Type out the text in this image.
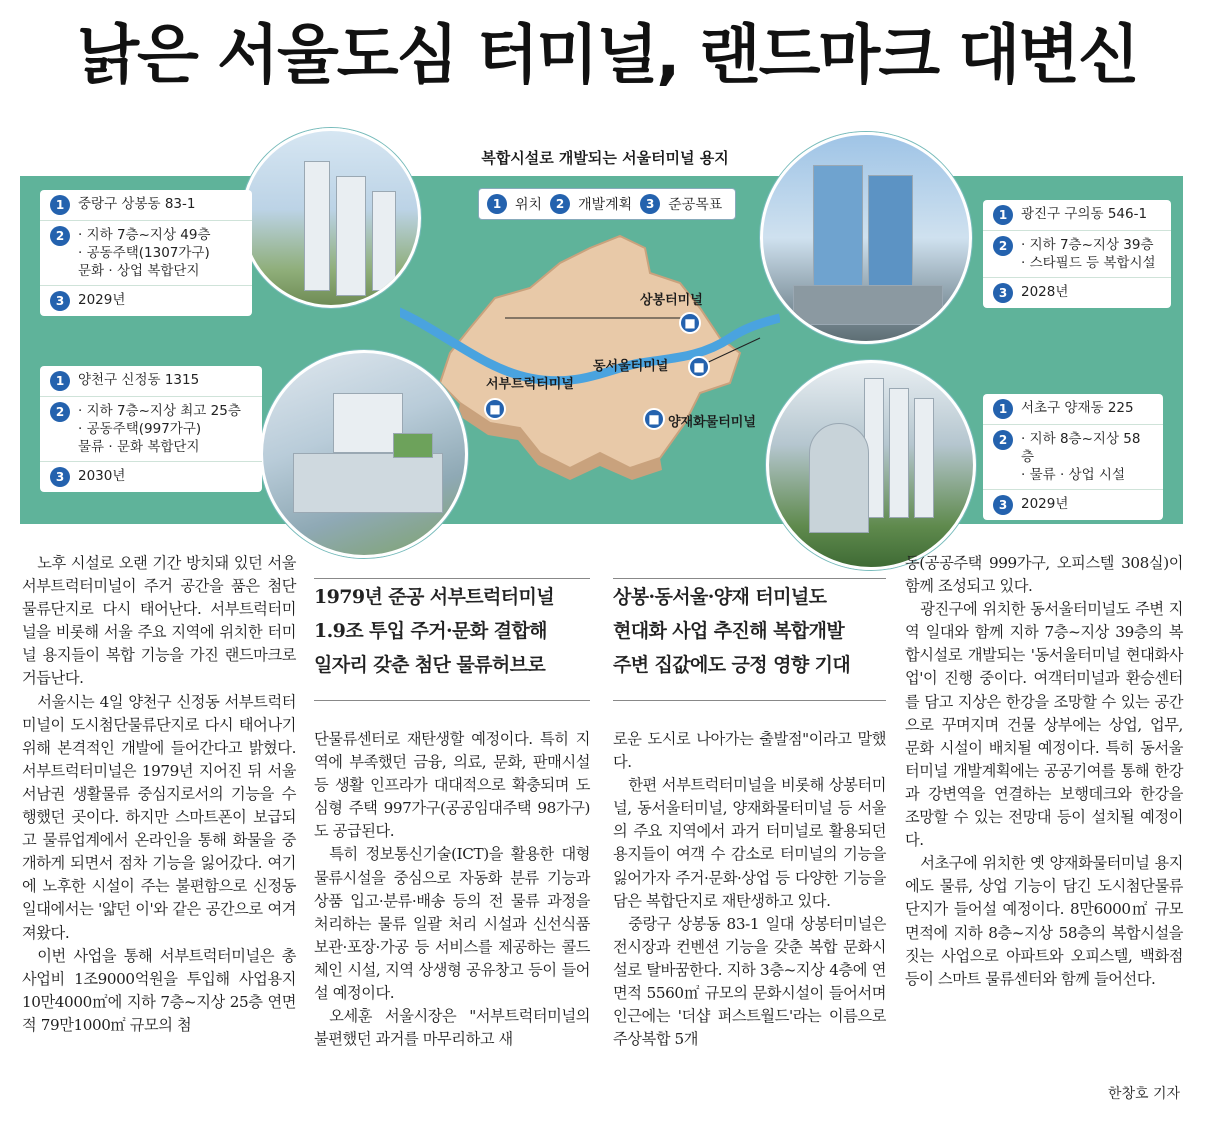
낡은 서울도심 터미널, 랜드마크 대변신
복합시설로 개발되는 서울터미널 용지
1 위치	2 개발계획	3 준공목표
상봉터미널
■
동서울터미널	■
서부트럭터미널
■
■ 양재화물터미널
1	중랑구 상봉동 83-1
2	· 지하 7층~지상 49층
· 공동주택(1307가구)
문화 · 상업 복합단지
3	2029년
1	광진구 구의동 546-1
2	· 지하 7층~지상 39층
· 스타필드 등 복합시설
3	2028년
1	양천구 신정동 1315
2	· 지하 7층~지상 최고 25층
· 공동주택(997가구)
물류 · 문화 복합단지
3	2030년
1	서초구 양재동 225
2	· 지하 8층~지상 58층
· 물류 · 상업 시설
3	2029년

노후 시설로 오랜 기간 방치돼 있던 서울 서부트럭터미널이 주거 공간을 품은 첨단 물류단지로 다시 태어난다. 서부트럭터미널을 비롯해 서울 주요 지역에 위치한 터미널 용지들이 복합 기능을 가진 랜드마크로 거듭난다.

서울시는 4일 양천구 신정동 서부트럭터미널이 도시첨단물류단지로 다시 태어나기 위해 본격적인 개발에 들어간다고 밝혔다. 서부트럭터미널은 1979년 지어진 뒤 서울 서남권 생활물류 중심지로서의 기능을 수행했던 곳이다. 하지만 스마트폰이 보급되고 물류업계에서 온라인을 통해 화물을 중개하게 되면서 점차 기능을 잃어갔다. 여기에 노후한 시설이 주는 불편함으로 신정동 일대에서는 '얇던 이'와 같은 공간으로 여겨져왔다.

이번 사업을 통해 서부트럭터미널은 총 사업비 1조9000억원을 투입해 사업용지 10만4000㎡에 지하 7층~지상 25층 연면적 79만1000㎡ 규모의 첨

1979년 준공 서부트럭터미널
1.9조 투입 주거·문화 결합해
일자리 갖춘 첨단 물류허브로
상봉·동서울·양재 터미널도
현대화 사업 추진해 복합개발
주변 집값에도 긍정 영향 기대

단물류센터로 재탄생할 예정이다. 특히 지역에 부족했던 금융, 의료, 문화, 판매시설 등 생활 인프라가 대대적으로 확충되며 도심형 주택 997가구(공공임대주택 98가구)도 공급된다.

특히 정보통신기술(ICT)을 활용한 대형 물류시설을 중심으로 자동화 분류 기능과 상품 입고·분류·배송 등의 전 물류 과정을 처리하는 물류 일괄 처리 시설과 신선식품 보관·포장·가공 등 서비스를 제공하는 콜드체인 시설, 지역 상생형 공유창고 등이 들어설 예정이다.

오세훈 서울시장은 "서부트럭터미널의 불편했던 과거를 마무리하고 새

로운 도시로 나아가는 출발점"이라고 말했다.

한편 서부트럭터미널을 비롯해 상봉터미널, 동서울터미널, 양재화물터미널 등 서울의 주요 지역에서 과거 터미널로 활용되던 용지들이 여객 수 감소로 터미널의 기능을 잃어가자 주거·문화·상업 등 다양한 기능을 담은 복합단지로 재탄생하고 있다.

중랑구 상봉동 83-1 일대 상봉터미널은 전시장과 컨벤션 기능을 갖춘 복합 문화시설로 탈바꿈한다. 지하 3층~지상 4층에 연면적 5560㎡ 규모의 문화시설이 들어서며 인근에는 '더샵 퍼스트월드'라는 이름으로 주상복합 5개

동(공공주택 999가구, 오피스텔 308실)이 함께 조성되고 있다.

광진구에 위치한 동서울터미널도 주변 지역 일대와 함께 지하 7층~지상 39층의 복합시설로 개발되는 '동서울터미널 현대화사업'이 진행 중이다. 여객터미널과 환승센터를 담고 지상은 한강을 조망할 수 있는 공간으로 꾸며지며 건물 상부에는 상업, 업무, 문화 시설이 배치될 예정이다. 특히 동서울터미널 개발계획에는 공공기여를 통해 한강과 강변역을 연결하는 보행데크와 한강을 조망할 수 있는 전망대 등이 설치될 예정이다.

서초구에 위치한 옛 양재화물터미널 용지에도 물류, 상업 기능이 담긴 도시첨단물류단지가 들어설 예정이다. 8만6000㎡ 규모 면적에 지하 8층~지상 58층의 복합시설을 짓는 사업으로 아파트와 오피스텔, 백화점 등이 스마트 물류센터와 함께 들어선다.

한창호 기자
